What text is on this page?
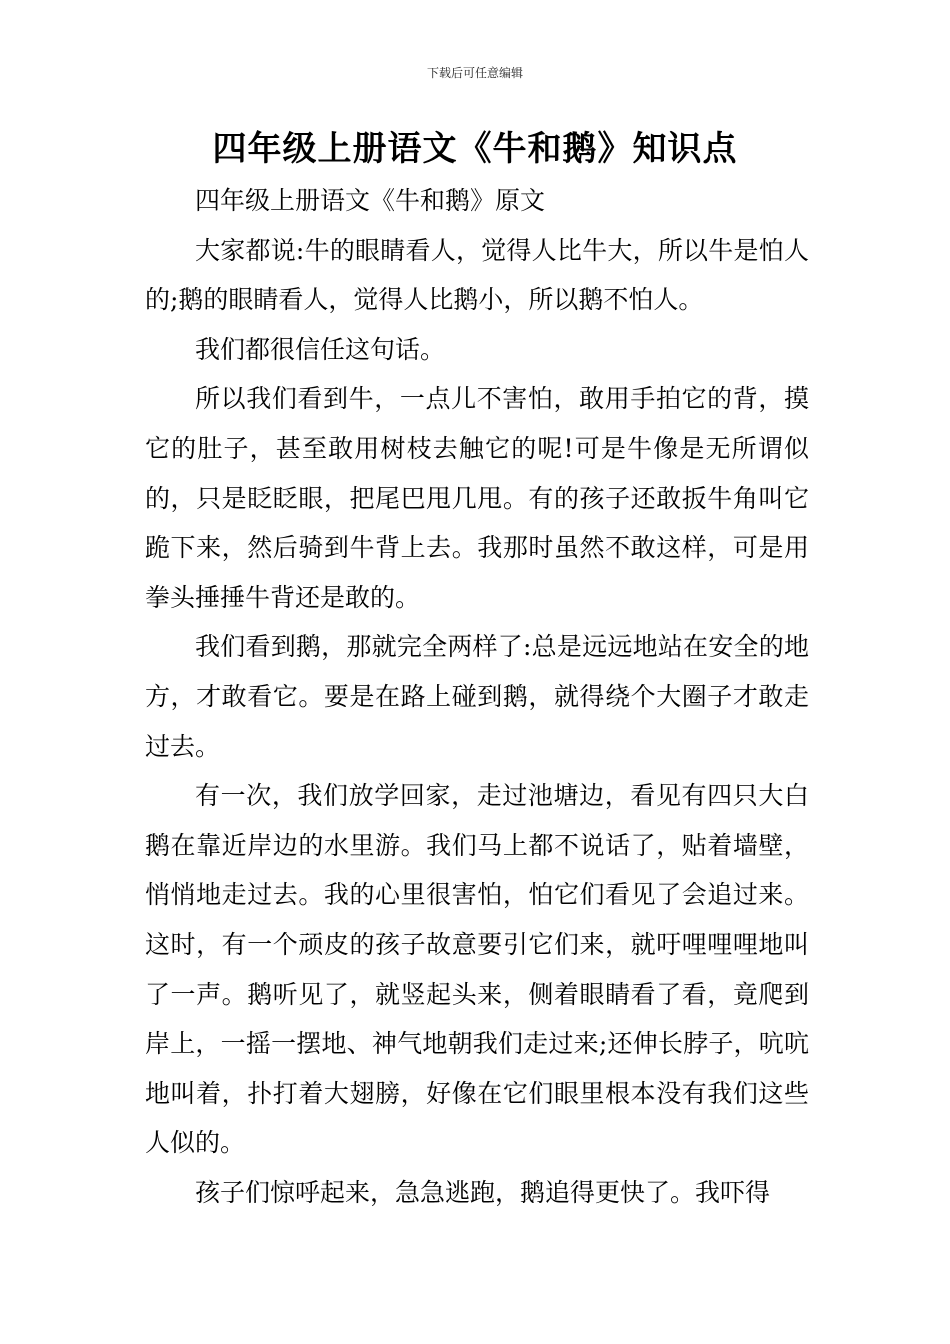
下载后可任意编辑
四年级上册语文《牛和鹅》知识点

四年级上册语文《牛和鹅》原文

大家都说:牛的眼睛看人，觉得人比牛大，所以牛是怕人的;鹅的眼睛看人，觉得人比鹅小，所以鹅不怕人。

我们都很信任这句话。

所以我们看到牛，一点儿不害怕，敢用手拍它的背，摸它的肚子，甚至敢用树枝去触它的呢!可是牛像是无所谓似的，只是眨眨眼，把尾巴甩几甩。有的孩子还敢扳牛角叫它跪下来，然后骑到牛背上去。我那时虽然不敢这样，可是用拳头捶捶牛背还是敢的。

我们看到鹅，那就完全两样了:总是远远地站在安全的地方，才敢看它。要是在路上碰到鹅，就得绕个大圈子才敢走过去。

有一次，我们放学回家，走过池塘边，看见有四只大白鹅在靠近岸边的水里游。我们马上都不说话了，贴着墙壁，悄悄地走过去。我的心里很害怕，怕它们看见了会追过来。这时，有一个顽皮的孩子故意要引它们来，就吁哩哩哩地叫了一声。鹅听见了，就竖起头来，侧着眼睛看了看，竟爬到岸上，一摇一摆地、神气地朝我们走过来;还伸长脖子，吭吭地叫着，扑打着大翅膀，好像在它们眼里根本没有我们这些人似的。

孩子们惊呼起来，急急逃跑，鹅追得更快了。我吓得
